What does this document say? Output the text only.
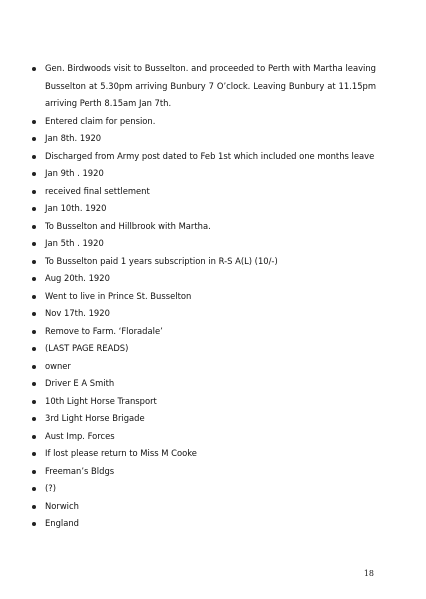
Gen. Birdwoods visit to Busselton. and proceeded to Perth with Martha leaving Busselton at 5.30pm arriving Bunbury 7 O’clock. Leaving Bunbury at 11.15pm arriving Perth 8.15am Jan 7th.
Entered claim for pension.
Jan 8th. 1920
Discharged from Army post dated to Feb 1st which included one months leave
Jan 9th . 1920
received final settlement
Jan 10th. 1920
To Busselton and Hillbrook with Martha.
Jan 5th . 1920
To Busselton paid 1 years subscription in R-S A(L) (10/-)
Aug 20th. 1920
Went to live in Prince St. Busselton
Nov 17th. 1920
Remove to Farm. ‘Floradale’
(LAST PAGE READS)
owner
Driver E A Smith
10th Light Horse Transport
3rd Light Horse Brigade
Aust Imp. Forces
If lost please return to Miss M Cooke
Freeman’s Bldgs
(?)
Norwich
England
18
